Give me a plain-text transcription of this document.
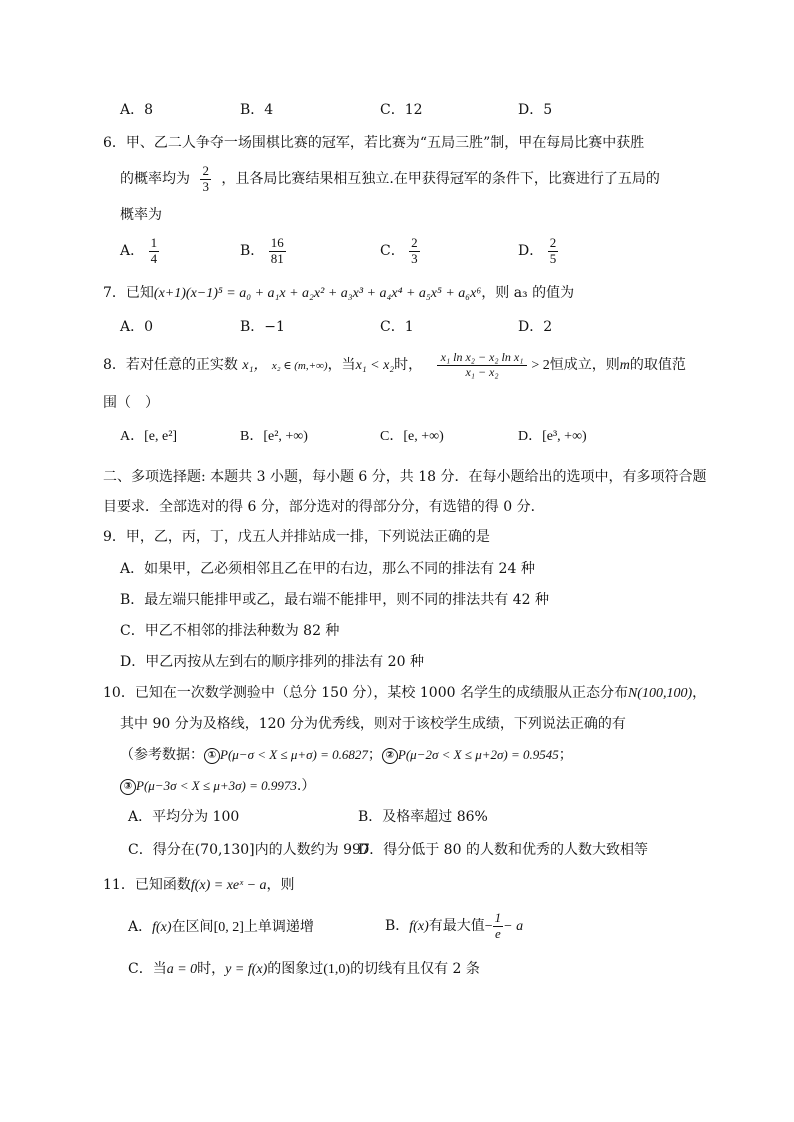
A．8	B．4	C．12	D．5
6．甲、乙二人争夺一场围棋比赛的冠军，若比赛为“五局三胜”制，甲在每局比赛中获胜
的概率均为 $\frac{2}{3}$ ，且各局比赛结果相互独立.在甲获得冠军的条件下，比赛进行了五局的
概率为
A． $\frac{1}{4}$	B． $\frac{16}{81}$	C． $\frac{2}{3}$	D． $\frac{2}{5}$
7．已知(x+1)(x−1)⁵ = a₀ + a₁x + a₂x² + a₃x³ + a₄x⁴ + a₅x⁵ + a₆x⁶，则 a₃ 的值为
A．0	B．−1	C．1	D．2
8．若对任意的正实数 x₁， x₂ ∈ (m,+∞)，当x₁ < x₂时， $\frac{\text{x₁ ln x₂ − x₂ ln x₁}}{\text{x₁ − x₂}} > 2$恒成立，则m的取值范
围（　）
A．[e, e²]	B．[e², +∞)	C．[e, +∞)	D．[e³, +∞)
二、多项选择题: 本题共 3 小题，每小题 6 分，共 18 分．在每小题给出的选项中，有多项符合题
目要求．全部选对的得 6 分，部分选对的得部分分，有选错的得 0 分．
9．甲，乙，丙，丁，戊五人并排站成一排，下列说法正确的是
A．如果甲，乙必须相邻且乙在甲的右边，那么不同的排法有 24 种
B．最左端只能排甲或乙，最右端不能排甲，则不同的排法共有 42 种
C．甲乙不相邻的排法种数为 82 种
D．甲乙丙按从左到右的顺序排列的排法有 20 种
10．已知在一次数学测验中（总分 150 分），某校 1000 名学生的成绩服从正态分布N(100,100)，
其中 90 分为及格线，120 分为优秀线，则对于该校学生成绩，下列说法正确的有
（参考数据： ① P(μ−σ < X ≤ μ+σ) = 0.6827； ② P(μ−2σ < X ≤ μ+2σ) = 0.9545；
③ P(μ−3σ < X ≤ μ+3σ) = 0.9973.）
A．平均分为 100	B．及格率超过 86%
C．得分在(70,130]内的人数约为 997
D．得分低于 80 的人数和优秀的人数大致相等
11．已知函数f(x) = xeˣ − a，则
A．f(x)在区间[0, 2]上单调递增	B．f(x)有最大值− $\frac{1}{e} - a$
C．当a = 0时，y = f(x)的图象过(1,0)的切线有且仅有 2 条
